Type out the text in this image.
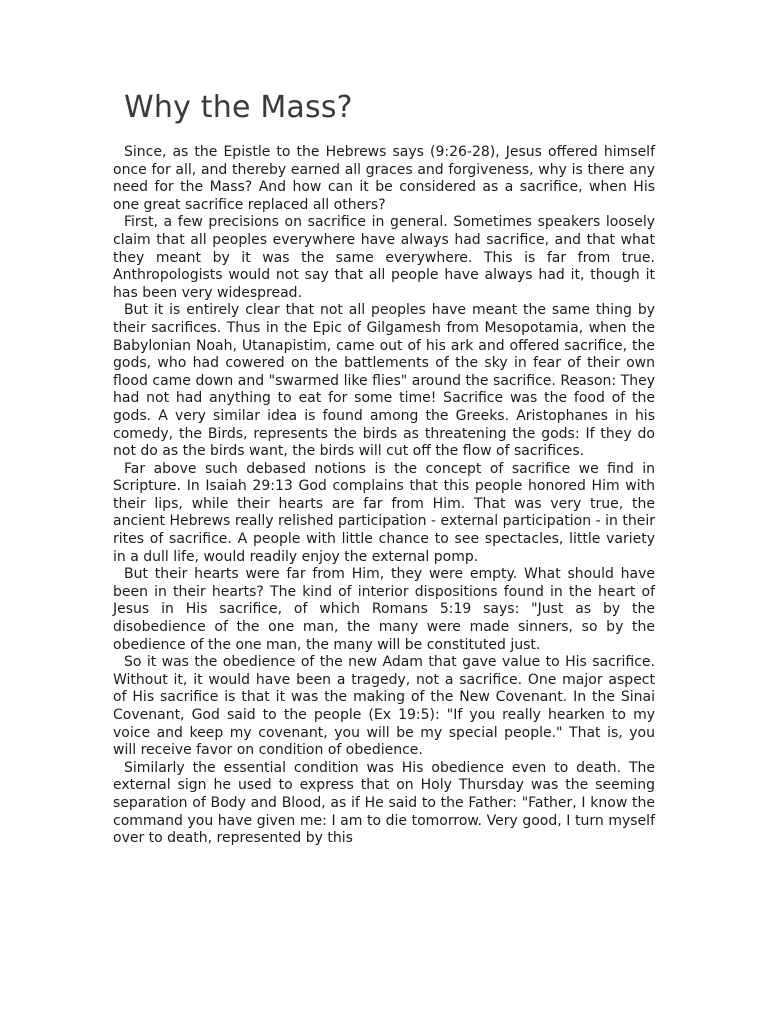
Why the Mass?

Since, as the Epistle to the Hebrews says (9:26-28), Jesus offered himself once for all, and thereby earned all graces and forgiveness, why is there any need for the Mass? And how can it be considered as a sacrifice, when His one great sacrifice replaced all others?

First, a few precisions on sacrifice in general. Sometimes speakers loosely claim that all peoples everywhere have always had sacrifice, and that what they meant by it was the same everywhere. This is far from true. Anthropologists would not say that all people have always had it, though it has been very widespread.

But it is entirely clear that not all peoples have meant the same thing by their sacrifices. Thus in the Epic of Gilgamesh from Mesopotamia, when the Babylonian Noah, Utanapistim, came out of his ark and offered sacrifice, the gods, who had cowered on the battlements of the sky in fear of their own flood came down and "swarmed like flies" around the sacrifice. Reason: They had not had anything to eat for some time! Sacrifice was the food of the gods. A very similar idea is found among the Greeks. Aristophanes in his comedy, the Birds, represents the birds as threatening the gods: If they do not do as the birds want, the birds will cut off the flow of sacrifices.

Far above such debased notions is the concept of sacrifice we find in Scripture. In Isaiah 29:13 God complains that this people honored Him with their lips, while their hearts are far from Him. That was very true, the ancient Hebrews really relished participation - external participation - in their rites of sacrifice. A people with little chance to see spectacles, little variety in a dull life, would readily enjoy the external pomp.

But their hearts were far from Him, they were empty. What should have been in their hearts? The kind of interior dispositions found in the heart of Jesus in His sacrifice, of which Romans 5:19 says: "Just as by the disobedience of the one man, the many were made sinners, so by the obedience of the one man, the many will be constituted just.

So it was the obedience of the new Adam that gave value to His sacrifice. Without it, it would have been a tragedy, not a sacrifice. One major aspect of His sacrifice is that it was the making of the New Covenant. In the Sinai Covenant, God said to the people (Ex 19:5): "If you really hearken to my voice and keep my covenant, you will be my special people." That is, you will receive favor on condition of obedience.

Similarly the essential condition was His obedience even to death. The external sign he used to express that on Holy Thursday was the seeming separation of Body and Blood, as if He said to the Father: "Father, I know the command you have given me: I am to die tomorrow. Very good, I turn myself over to death, represented by this
